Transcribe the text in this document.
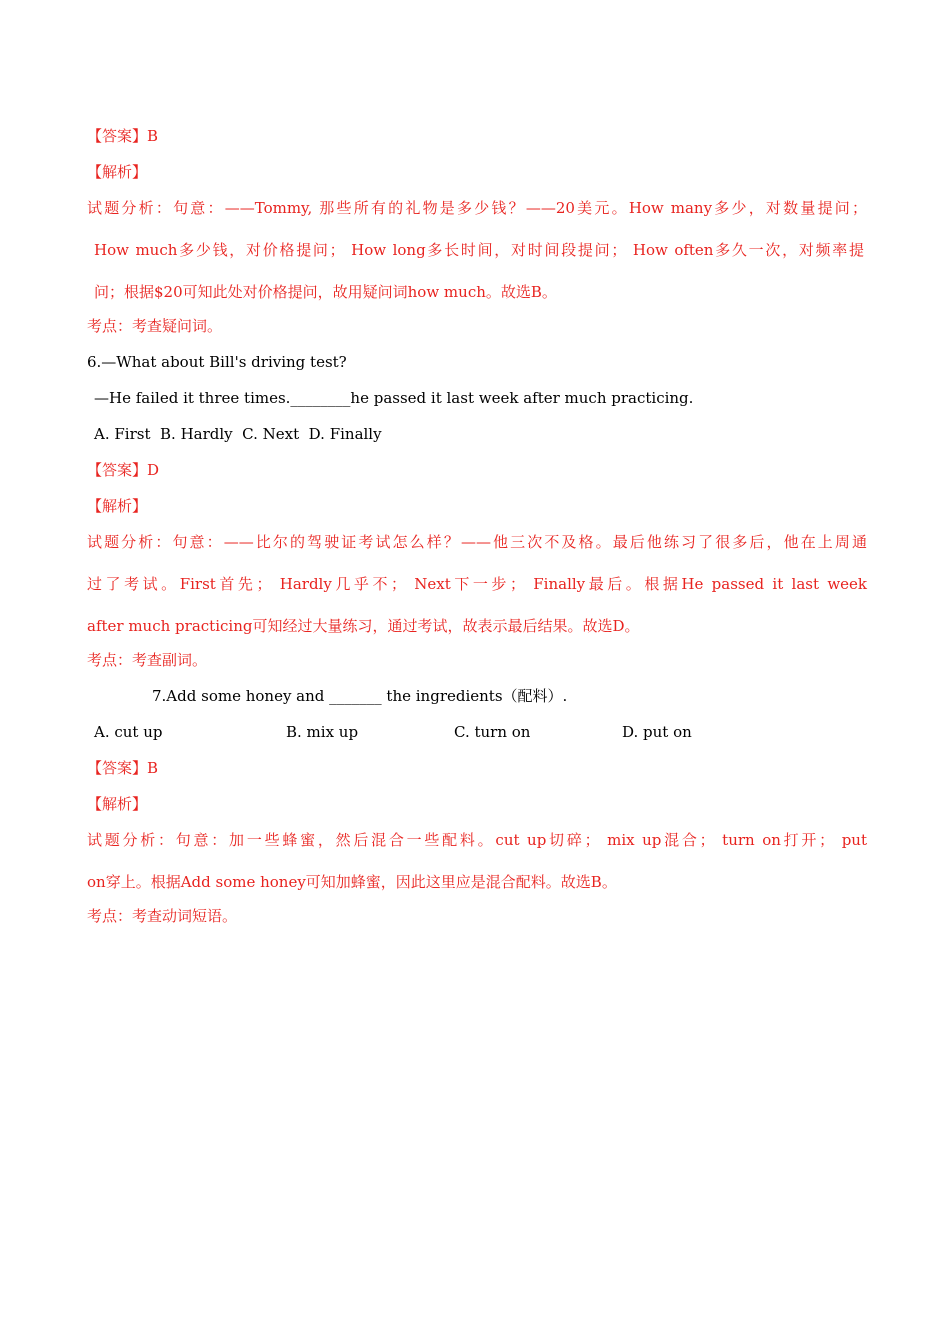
【答案】B
【解析】
试题分析：句意：——Tommy, 那些所有的礼物是多少钱？——20美元。How many多少，对数量提问；
How much多少钱，对价格提问； How long多长时间，对时间段提问； How often多久一次，对频率提
问；根据$20可知此处对价格提问，故用疑问词how much。故选B。
考点：考查疑问词。
6.—What about Bill's driving test?
—He failed it three times.________he passed it last week after much practicing.
A. First  B. Hardly  C. Next  D. Finally
【答案】D
【解析】
试题分析：句意：——比尔的驾驶证考试怎么样？——他三次不及格。最后他练习了很多后，他在上周通
过了考试。First首先； Hardly几乎不； Next下一步； Finally最后。根据He passed it last week
after much practicing可知经过大量练习，通过考试，故表示最后结果。故选D。
考点：考查副词。
7.Add some honey and _______ the ingredients（配料）.
A. cut up	B. mix up	C. turn on	D. put on
【答案】B
【解析】
试题分析：句意：加一些蜂蜜，然后混合一些配料。cut up切碎； mix up混合； turn on打开； put
on穿上。根据Add some honey可知加蜂蜜，因此这里应是混合配料。故选B。
考点：考查动词短语。
